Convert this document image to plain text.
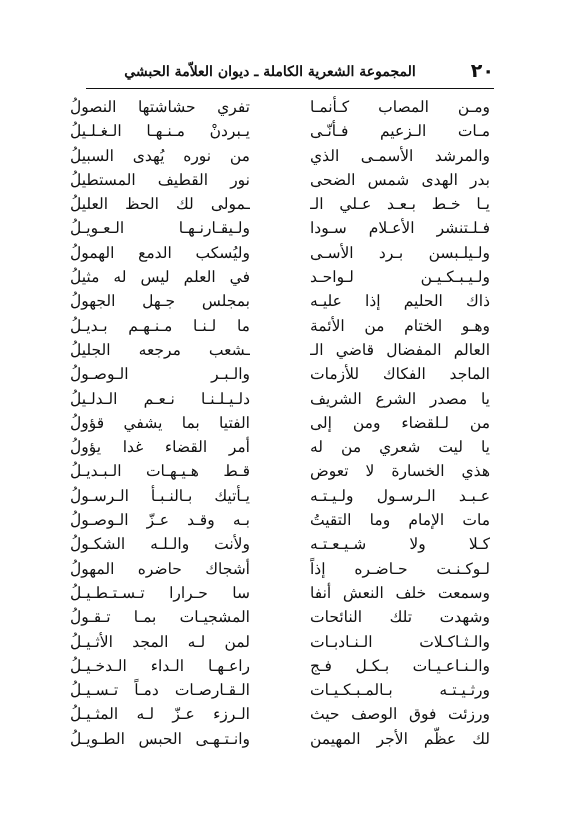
٢٠
المجموعة الشعرية الكاملة ـ ديوان العلاّمة الحبشي
ومـن المصاب كـأنمـا
تفري حشاشتها النصولُ
مـات الـزعيم فـأنّـى
يـبردنْ مـنـهـا الـغـلـيلُ
والمرشد الأسمـى الذي
من نوره يُهدى السبيلُ
بدر الهدى شمس الضحى
نور القطيف المستطيلُ
يـا خـط بـعـد عـلي الـ
ـمولى لك الحظ العليلُ
فـلـتنشر الأعـلام سـودا
ولـيقـارنـهـا الـعـويـلُ
ولـيلـبسن بـرد الأسـى
وليُسكب الدمع الهمولُ
ولـيـبـكـيـن لـواحـد
في العلم ليس له مثيلُ
ذاك الحليم إذا عليـه
بمجلس جـهل الجهولُ
وهـو الختام من الأئمة
ما لـنـا مـنـهـم بـديـلُ
العالم المفضال قاضي الـ
ـشعب مرجعه الجليلُ
الماجد الفكاك للأزمات
والـبـر الـوصـولُ
يا مصدر الشرع الشريف
دلـيـلـنـا نـعـم الـدلـيلُ
من لـلقضاء ومن إلى
الفتيا بما يشفي قؤولُ
يا ليت شعري من له
أمر القضاء غدا يؤولُ
هذي الخسارة لا تعوض
قـط هـيـهـات الـبـديـلُ
عـبـد الـرسـول ولـيـتـه
يـأتيك بـالنـبـأ الـرسـولُ
مات الإمام وما التقيتُ
بـه وقـد عـزّ الـوصـولُ
كـلا ولا شـيـعـتـه
ولأنت والـلـه الشكـولُ
لـوكـنـت حـاضـره إذاً
أشجاك حاضره المهولُ
وسمعت خلف النعش أنفا
سا حـرارا تـسـتـطـيـلُ
وشهدت تلك النائحات
المشجيـات بمـا تـقـولُ
والـثـاكـلات الـنـادبـات
لمن لـه المجد الأثـيـلُ
والـنـاعـيـات بـكـل فـج
راعـهـا الـداء الـدخـيـلُ
ورثـيـتـه بـالمـبـكـيـات
الـقـارصـات دمـاً تـسـيـلُ
ورزئت فوق الوصف حيث
الـرزء عـزّ لـه المثـيـلُ
لك عظّم الأجر المهيمن
وانـتـهـى الحبس الطـويـلُ
